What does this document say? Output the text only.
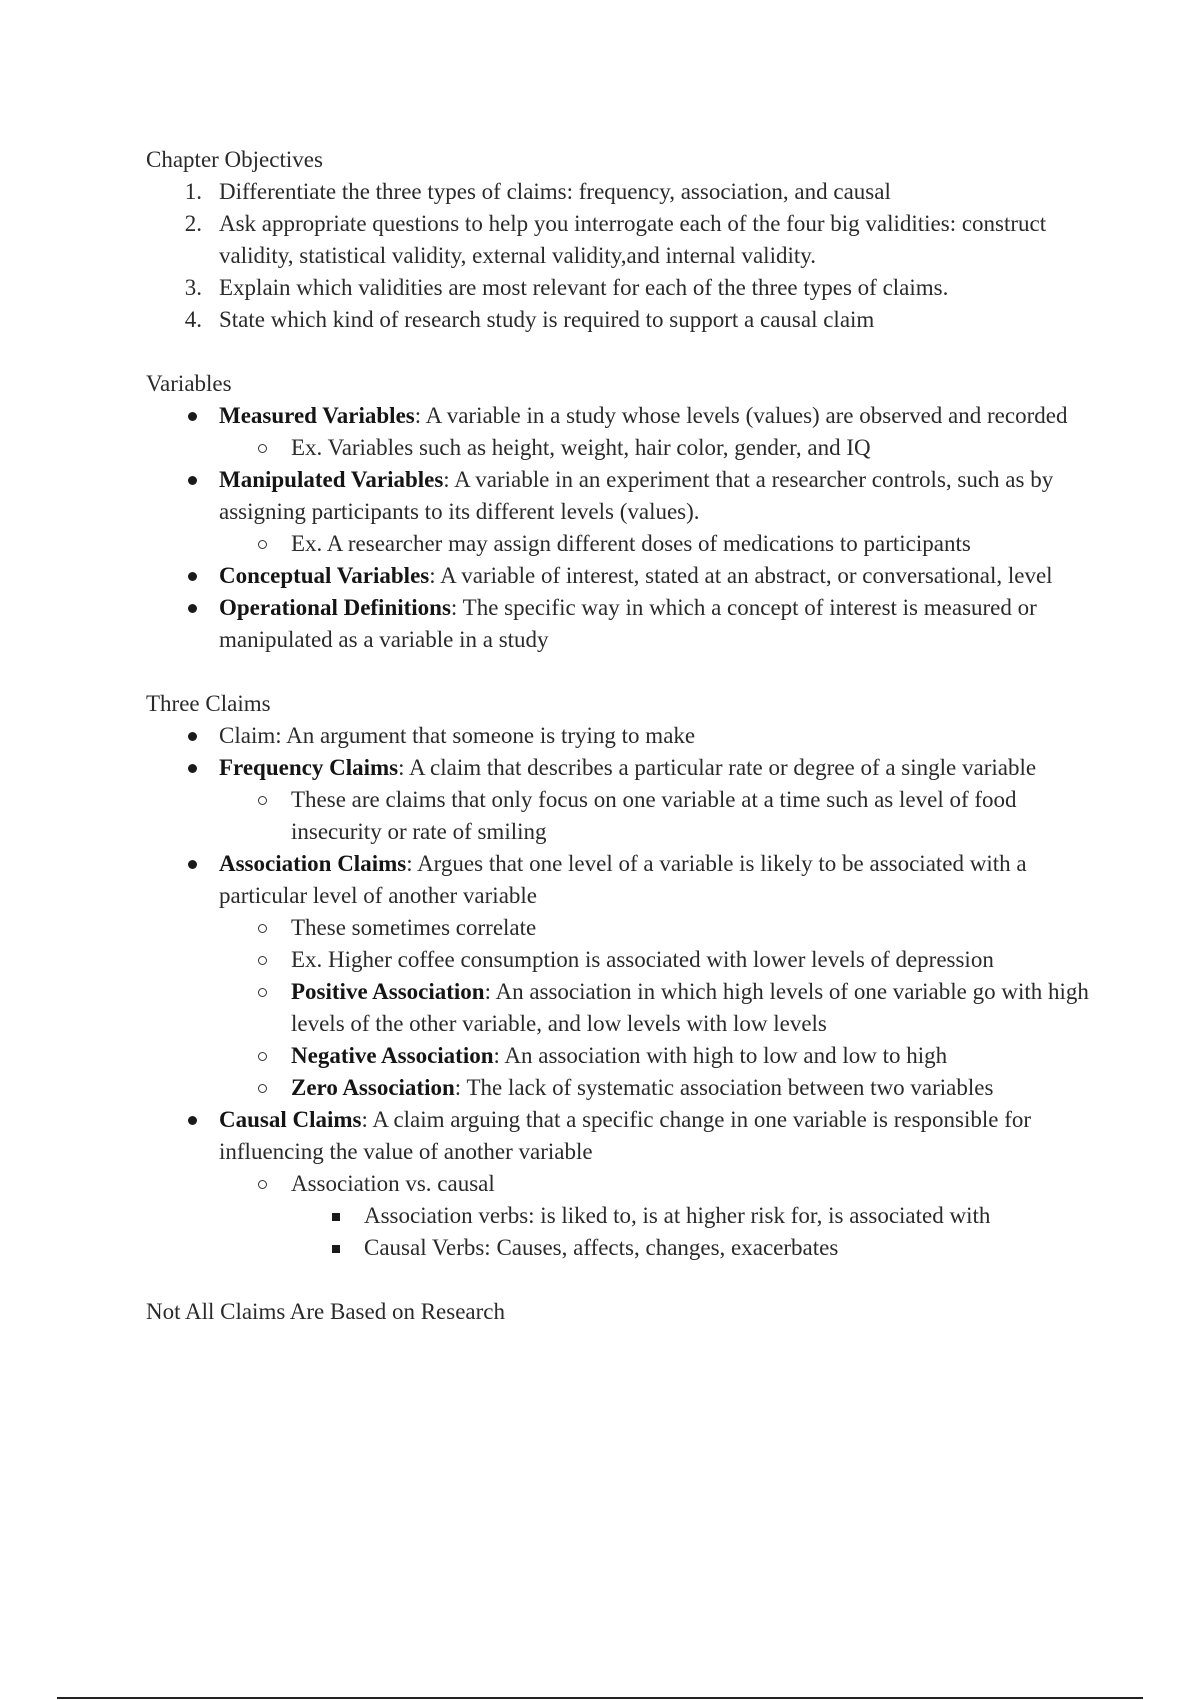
Chapter Objectives

1. Differentiate the three types of claims: frequency, association, and causal
2. Ask appropriate questions to help you interrogate each of the four big validities: construct validity, statistical validity, external validity,and internal validity.
3. Explain which validities are most relevant for each of the three types of claims.
4. State which kind of research study is required to support a causal claim

Variables

Measured Variables: A variable in a study whose levels (values) are observed and recorded
Ex. Variables such as height, weight, hair color, gender, and IQ
Manipulated Variables: A variable in an experiment that a researcher controls, such as by assigning participants to its different levels (values).
Ex. A researcher may assign different doses of medications to participants
Conceptual Variables: A variable of interest, stated at an abstract, or conversational, level
Operational Definitions: The specific way in which a concept of interest is measured or manipulated as a variable in a study

Three Claims

Claim: An argument that someone is trying to make
Frequency Claims: A claim that describes a particular rate or degree of a single variable
These are claims that only focus on one variable at a time such as level of food insecurity or rate of smiling
Association Claims: Argues that one level of a variable is likely to be associated with a particular level of another variable
These sometimes correlate
Ex. Higher coffee consumption is associated with lower levels of depression
Positive Association: An association in which high levels of one variable go with high levels of the other variable, and low levels with low levels
Negative Association: An association with high to low and low to high
Zero Association: The lack of systematic association between two variables
Causal Claims: A claim arguing that a specific change in one variable is responsible for influencing the value of another variable
Association vs. causal
Association verbs: is liked to, is at higher risk for, is associated with
Causal Verbs: Causes, affects, changes, exacerbates

Not All Claims Are Based on Research
